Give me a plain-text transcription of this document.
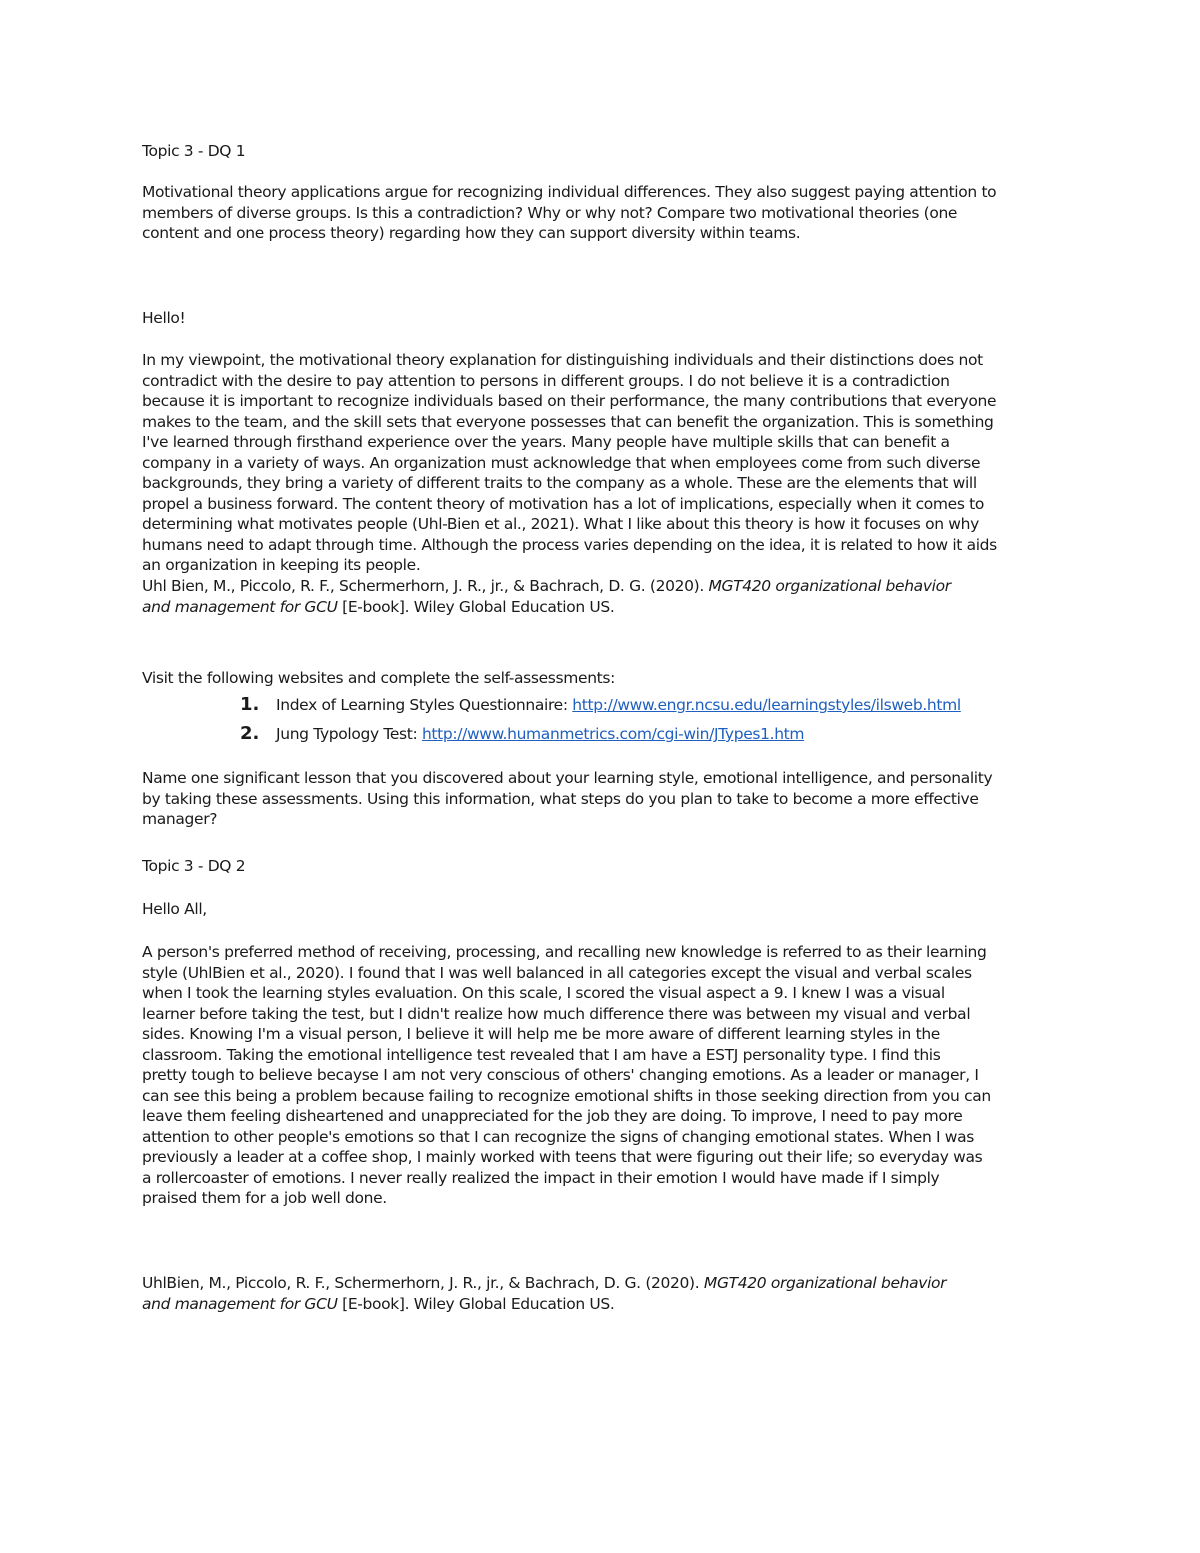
Topic 3 - DQ 1

Motivational theory applications argue for recognizing individual differences. They also suggest paying attention to
members of diverse groups. Is this a contradiction? Why or why not? Compare two motivational theories (one
content and one process theory) regarding how they can support diversity within teams.

Hello!

In my viewpoint, the motivational theory explanation for distinguishing individuals and their distinctions does not
contradict with the desire to pay attention to persons in different groups. I do not believe it is a contradiction
because it is important to recognize individuals based on their performance, the many contributions that everyone
makes to the team, and the skill sets that everyone possesses that can benefit the organization. This is something
I've learned through firsthand experience over the years. Many people have multiple skills that can benefit a
company in a variety of ways. An organization must acknowledge that when employees come from such diverse
backgrounds, they bring a variety of different traits to the company as a whole. These are the elements that will
propel a business forward. The content theory of motivation has a lot of implications, especially when it comes to
determining what motivates people (Uhl-Bien et al., 2021). What I like about this theory is how it focuses on why
humans need to adapt through time. Although the process varies depending on the idea, it is related to how it aids
an organization in keeping its people.

Uhl Bien, M., Piccolo, R. F., Schermerhorn, J. R., jr., & Bachrach, D. G. (2020). MGT420 organizational behavior
and management for GCU [E-book]. Wiley Global Education US.

Visit the following websites and complete the self-assessments:

1. Index of Learning Styles Questionnaire: http://www.engr.ncsu.edu/learningstyles/ilsweb.html
2. Jung Typology Test: http://www.humanmetrics.com/cgi-win/JTypes1.htm

Name one significant lesson that you discovered about your learning style, emotional intelligence, and personality
by taking these assessments. Using this information, what steps do you plan to take to become a more effective
manager?

Topic 3 - DQ 2

Hello All,

A person's preferred method of receiving, processing, and recalling new knowledge is referred to as their learning
style (UhlBien et al., 2020). I found that I was well balanced in all categories except the visual and verbal scales
when I took the learning styles evaluation. On this scale, I scored the visual aspect a 9. I knew I was a visual
learner before taking the test, but I didn't realize how much difference there was between my visual and verbal
sides. Knowing I'm a visual person, I believe it will help me be more aware of different learning styles in the
classroom. Taking the emotional intelligence test revealed that I am have a ESTJ personality type. I find this
pretty tough to believe becayse I am not very conscious of others' changing emotions. As a leader or manager, I
can see this being a problem because failing to recognize emotional shifts in those seeking direction from you can
leave them feeling disheartened and unappreciated for the job they are doing. To improve, I need to pay more
attention to other people's emotions so that I can recognize the signs of changing emotional states. When I was
previously a leader at a coffee shop, I mainly worked with teens that were figuring out their life; so everyday was
a rollercoaster of emotions. I never really realized the impact in their emotion I would have made if I simply
praised them for a job well done.

UhlBien, M., Piccolo, R. F., Schermerhorn, J. R., jr., & Bachrach, D. G. (2020). MGT420 organizational behavior
and management for GCU [E-book]. Wiley Global Education US.
